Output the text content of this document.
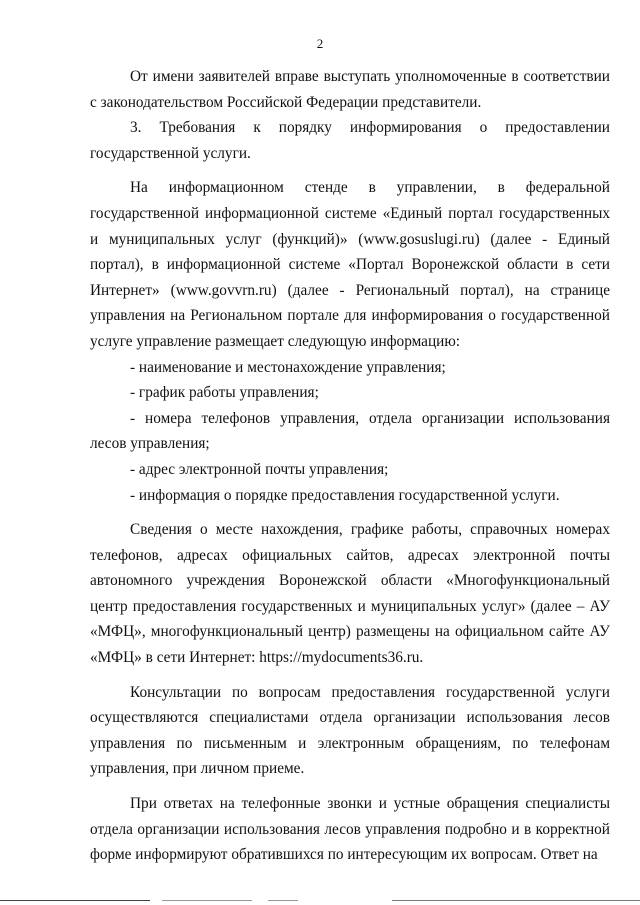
2

От имени заявителей вправе выступать уполномоченные в соответствии с законодательством Российской Федерации представители.

3. Требования к порядку информирования о предоставлении государственной услуги.

На информационном стенде в управлении, в федеральной государственной информационной системе «Единый портал государственных и муниципальных услуг (функций)» (www.gosuslugi.ru) (далее - Единый портал), в информационной системе «Портал Воронежской области в сети Интернет» (www.govvrn.ru) (далее - Региональный портал), на странице управления на Региональном портале для информирования о государственной услуге управление размещает следующую информацию:

- наименование и местонахождение управления;

- график работы управления;

- номера телефонов управления, отдела организации использования лесов управления;

- адрес электронной почты управления;

- информация о порядке предоставления государственной услуги.

Сведения о месте нахождения, графике работы, справочных номерах телефонов, адресах официальных сайтов, адресах электронной почты автономного учреждения Воронежской области «Многофункциональный центр предоставления государственных и муниципальных услуг» (далее – АУ «МФЦ», многофункциональный центр) размещены на официальном сайте АУ «МФЦ» в сети Интернет: https://mydocuments36.ru.

Консультации по вопросам предоставления государственной услуги осуществляются специалистами отдела организации использования лесов управления по письменным и электронным обращениям, по телефонам управления, при личном приеме.

При ответах на телефонные звонки и устные обращения специалисты отдела организации использования лесов управления подробно и в корректной форме информируют обратившихся по интересующим их вопросам. Ответ на
